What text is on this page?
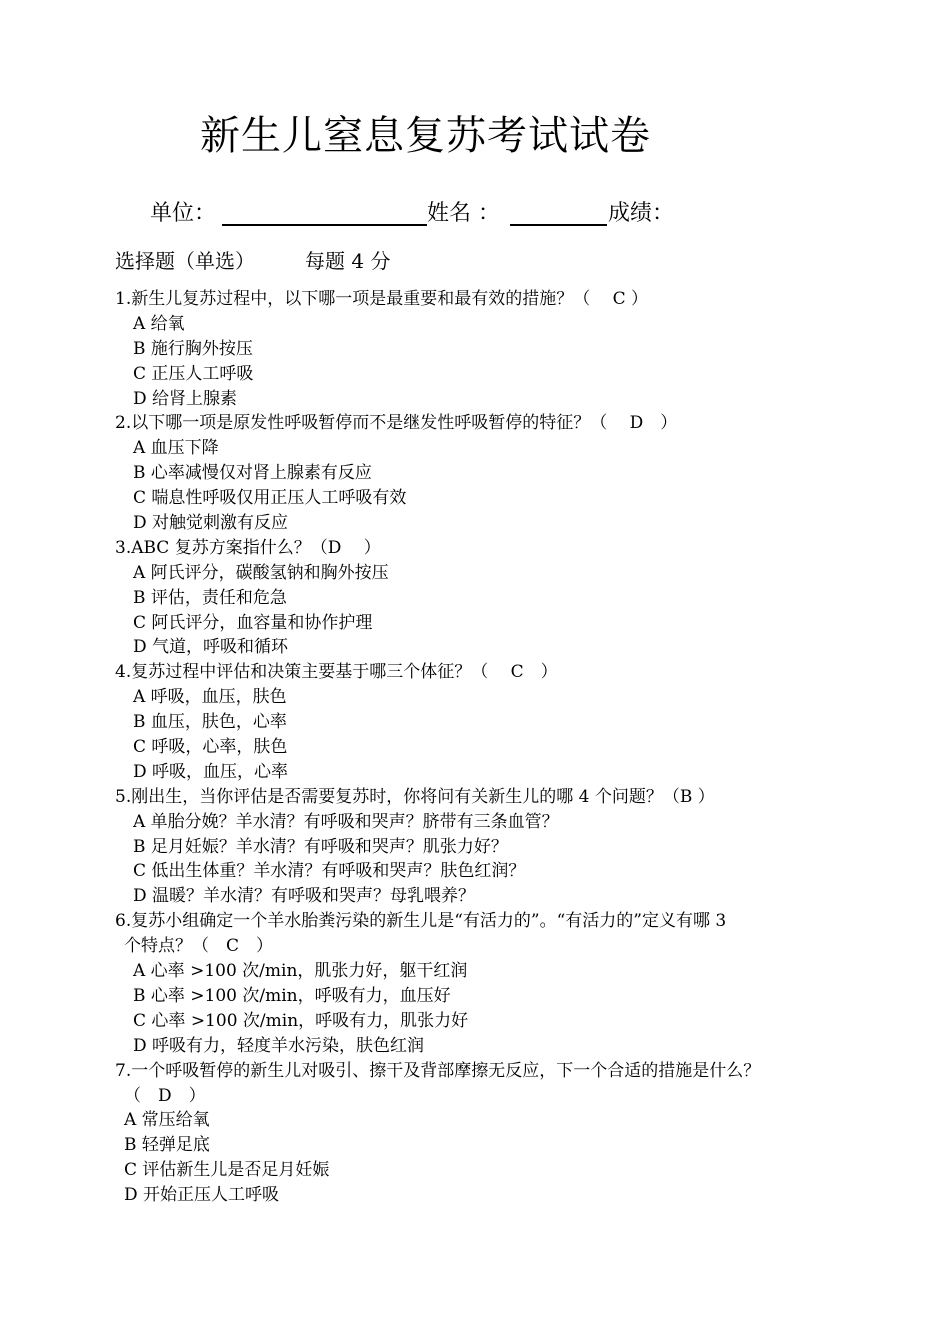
新生儿窒息复苏考试试卷
单位：	姓名 ：	成绩：
选择题（单选）	每题 4 分
1.新生儿复苏过程中，以下哪一项是最重要和最有效的措施？（　 C ）
A 给氧
B 施行胸外按压
C 正压人工呼吸
D 给肾上腺素
2.以下哪一项是原发性呼吸暂停而不是继发性呼吸暂停的特征？（　 D　）
A 血压下降
B 心率减慢仅对肾上腺素有反应
C 喘息性呼吸仅用正压人工呼吸有效
D 对触觉刺激有反应
3.ABC 复苏方案指什么？（D　 ）
A 阿氏评分，碳酸氢钠和胸外按压
B 评估，责任和危急
C 阿氏评分，血容量和协作护理
D 气道，呼吸和循环
4.复苏过程中评估和决策主要基于哪三个体征？（　 C　）
A 呼吸，血压，肤色
B 血压，肤色，心率
C 呼吸，心率，肤色
D 呼吸，血压，心率
5.刚出生，当你评估是否需要复苏时，你将问有关新生儿的哪 4 个问题？（B ）
A 单胎分娩？羊水清？有呼吸和哭声？脐带有三条血管？
B 足月妊娠？羊水清？有呼吸和哭声？肌张力好？
C 低出生体重？羊水清？有呼吸和哭声？肤色红润？
D 温暖？羊水清？有呼吸和哭声？母乳喂养？
6.复苏小组确定一个羊水胎粪污染的新生儿是“有活力的”。“有活力的”定义有哪 3
个特点？（　C　）
A 心率 >100 次/min，肌张力好，躯干红润
B 心率 >100 次/min，呼吸有力，血压好
C 心率 >100 次/min，呼吸有力，肌张力好
D 呼吸有力，轻度羊水污染，肤色红润
7.一个呼吸暂停的新生儿对吸引、擦干及背部摩擦无反应，下一个合适的措施是什么？
（　D　）
A 常压给氧
B 轻弹足底
C 评估新生儿是否足月妊娠
D 开始正压人工呼吸
